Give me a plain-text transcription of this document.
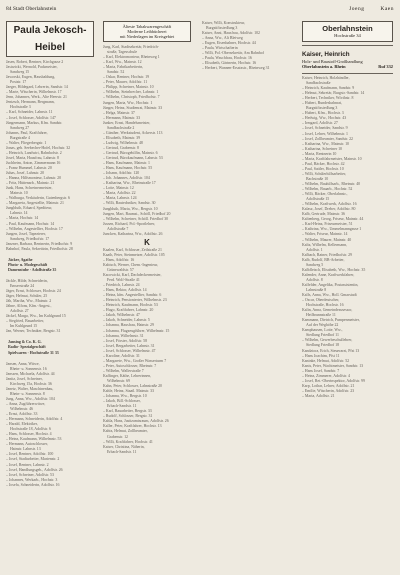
84 Stadt Oberlahnstein	Joeng	Kaen
Paula Jekosch-Heibel
Jasen, Robert, Rentner, Kirchgasse 2
Jastrzicki, Wernold, Packmeister,
Sandweg 15
Jaworski, Eugen, Hausbaldung,
Poststr. 17
Jaeger, Hildegard, Lehrerin, Sandstr. 14
– Marie, Wäscherin, Wilhelmstr. 17
Jenn, Johannes, Werk., Alte Heerstr. 21
Jentzsch, Hermann, Bergmann,
Hochstraße 3
– Karl, Schneider, Lahnstr. 11
– Josef, Schlosser, Adolfstr. 147
Jüngermann, Markus, Kfm. Sandstr.
Sandweg 27
Johanns, Paul, Kraftfahrer,
Burgstraße 4
– Walter, Fliegerbergstr. 1
Jonas, geb. Seebecher-Hofel, Hochstr. 32
– Heinrich, Landwirt, Bahnhofstr. 2
Josef, Maria, Hausfrau, Lahnstr. 8
Juchheim, Anton, Zimmermann 16
– Franz Hummel, Lahnstr. 20
Juhas, Josef, Lahnstr. 20
– Hanna, Hilfsmonteur, Lahnstr. 20
– Fritz, Hüttenarb., Mainstr. 21
Junk, Hans, Schreinermeister,
Mainstr. 10
– Walburga, Verkäuferin, Gutenbergstr. 6
– Margareta, Angestellte, Mainstr. 21
Jungbluth, Eduard, Spediteur,
Lahnstr. 14
– Maria, Hochstr. 14
– Paul, Kaufmann, Hochstr. 14
– Wilhelm, Angestellter, Hochstr. 17
Jungen, Josef, Tapezierer,
Sandweg, Friedhofstr. 17
Janzner, Barbara, Rentnerin, Friedhofstr. 9
Bahnhof, Paula, Sekretärin, Friedhofstr. 28
Jäcker, Agathe
Photo- u. Modegeschäft
Damenstube · Adolfstraße 35
Jäckle, Hilde, Schneiderin,
Emserstraße 24
Jäger, Ernst, Schlosser, Hochstr. 24
Jäger, Helmut, Schüler, 25
Jäh, Martha, Ww., Mainstr. 2
Jähne, Alfons, Kfm.-Angest.,
Adolfstr. 27
Jäckel, Marga, Ww., Im Kuhlgrund 15
– Siegfried, Bauarbeiter,
Im Kuhlgrund 15
Jan, Werner, Techniker, Bergstr. 31
Jansing & Co. K. G.
Radio- Spezialgeschäft
Spielwaren · Hochstraße 31 33
Jansen, Anna, Witwe,
Rhein- u. Sonnenstr. 16
Janssen, Michaela, Adolfstr. 44
Janitz, Josef, Schreiner,
Kirchweg 15a, Hochstr. 36
Janetz, Walter, Maschinenbau,
Rhein- u. Sonnenstr. 8
Jung, Anna, Ww., Adolfstr. 104
– Anna, Zugführerwitwe,
Wilhelmstr. 46
– Ernst, Adolfstr. 33
– Hermann, Schneiderin, Adolfstr. 4
– Harald, Elektriker,
Hochstraße 18, Adolfstr. 6
– Hans, Schlosser, Hochstr. 4
– Heinz, Kaufmann, Wilhelmstr. 53
– Hermann, Autoschlosser,
Hainstr. Lahnstr. 13
– Josef, Rentner, Adolfstr. 100
– Josef, Stadtarbeiter, Marienstr. 2
– Josef, Rentner, Lahnstr. 2
– Josef, Handlungsgeh., Adolfstr. 26
– Josef, Schreiner, Adolfstr. 53
– Johannes, Werkarb., Hochstr. 3
– Josefa, Schneiderin, Adolfstr. 16
Älteste Tabakwarengeschäft
Moderne Leihbücherei
mit Niederlagen im Kreisgebiet
Jung, Karl, Stadtsekretär, Friedrich-
straße, Tagesschule
– Karl, Elektromonteur, Rheinweg 1
– Karl, Ww., Mainstr. 12
– Maria, Fabrikarbeiterin,
Sandstr. 52
– Oskar, Rentner, Hochstr. 19
– Peter, Maurer, Adolfstr. 11
– Philipp, Schreiner, Mainstr. 10
– Wilhelm, Steinbrecher, Lahnstr. 1
– Wilhelm, Christoph, Friedhofstr. 7
Jungen, Maria, Ww., Hochstr. 1
Jünger, Heinz, Studienrat, Mainstr. 33
– Helga, Mainstr. 37
– Hermann, Mainstr. 33
Junker, Ernst, Handelsmeister,
Sandbachstraße 2
– Günther, Werkstudent, Ackerstr. 113
– Elisabeth, Mainstr. 39
– Ludwig, Wilhelmstr. 48
– Gertrud, Grabenstr. 8
– Gertrud, Bürogehilfin, Mainstr. 6
– Gertrud, Bürokaufmann, Lahnstr. 53
– Hans, Kaufmann, Mainstr. 1
– Hans, Kaufmann, Hochstr. 55
– Johann, Adolfstr. 120
– Joh. Johannes, Adolfstr. 104
– Katharina, Ww., Rheinstraße 17
– Lotte, Mainstr. 12
– Maria, Adolfstr. 22
– Maria, Lahnstr. 124
– Willi, Bautechniker, Sandstr. 30
Jungbluth, Maria, Ww., Bergstr. 10
Jungen, Mart, Baumst., Schöll, Friedhof 20
– Wilhelm, Schreiner, Schöll. Friedhof 30
Jussen, Richard, Pol.-Sportlehrer,
Adolfstraße 7
Juncken, Katharina, Ww., Adolfstr. 26
K
Kaalen, Karl, Schlosser, Zeilstraße 21
Kaath, Peter, Steinmetzer, Adolfstr. 105
– Hans, Adolfstr. 16
Kabisch, Werner, Chem.-Ingenieur,
Grünewaldstr. 57
Kacowicki, Karl, Dachdeckermeister,
Ferd. Wolf-Straße 41
– Friedrich, Lahnstr. 24
– Hans, Rektor, Adolfstr. 14
– Heinz, kfm. Angestellter, Sandstr. 6
– Heinrich, Pensionierter, Wilhelmstr. 23
– Heinrich, Kaufmann, Hochstr. 53
– Hugo, Kraftfahrer, Lahnstr. 20
– Jakob, Wilhelmstr. 47
– Jakob, Schneider, Lahnstr. 5
– Johanna, Hausfrau, Hainstr. 29
– Johanna, Flugzeugführer, Wilhelmstr. 15
– Johanna, Wilhelmstr. 31
– Josef, Förster, Adolfstr. 58
– Josef, Bergarbeiter, Lahnstr. 31
– Josef, Schlosser, Wilhelmstr. 47
– Karoline, Adolfstr. 31
– Margarete, Ww., Großer Wasserturm 7
– Peter, Autoschlosser, Rheinstr. 7
– Wilhelm, Wallerstraße 7
Kaffinger, Käthe, Lehrerinnen,
Wilhelmstr. 69
Kahn, Peter, Schlosser, Lahnstraße 20
Kahle, Heinz, Staatl. Mainstr. 33
– Johanna, Ww., Bergstr. 10
– Jakob, Bill.-Schlosser,
Erbach-Sandstr. 11
– Karl, Bauarbeiter, Bergstr. 33
– Rudolf, Schlosser, Bergstr. 31
Kahla, Hans, Justizamtsraum, Adolfstr. 26
Kaller, Peter, Kraftfahrer, Hochstr. 13
Kahtz, Helmut, Zollbeamter,
Grabenstr. 12
– Willi, Kraftfahrer, Hochstr. 41
Kaiser, Christina, Näherin,
Erbach-Sandstr. 11
Kaiser, Willi, Konstrukteur,
Burgstiftssiedlung 3
Kaiser, Anni, Hausfrau, Adolfstr. 102
– Anna, Ww., Alt Bleiweg
– Eugen, Eisenbahner, Hochstr. 44
– Paula, Wirtschafterin
– Willi, Pol.-Obersekretär, Am Bahnhof
– Paula, Waschfrau, Hochstr. 16
– Elisabeth, Gärtnerin, Hochstr. 16
– Herbert, Wannen-Ersatzstr., Rheinweg 31
Oberlahnstein
Hochstraße 34
Kaiser, Heinrich
Holz- und Baustoff-Großhandlung
Oberlahnstein a. Rhein	Ruf 332
Kaiser, Heinrich, Holzhändler,
Sandbachstraße
– Heinrich, Kaufmann, Sandstr. 9
– Helmut, Sekretär, Burgstr.-Sandstr. 14
– Herbert, Techniker, Wörthstr. 8
– Hubert, Bundesbahnrat,
Burgstiftssiedlung 3
– Hubert, Kfm., Hochstr. 3
– Hedwig, Ww., Hochstr. 43
– Irmgard, Adolfstr. 27
– Josef, Schneider, Sandstr. 9
– Josef, Lehrer, Wilhelmstr. 1
– Josef, Zollbeamter, Sandstr. 22
– Katharina, Ww., Mainstr. 10
– Katharina, Schreiner 10
– Maria, Rentnerin 10
– Maria, Kraftfahrmeister, Mainstr. 10
– Paul, Bäcker, Hochstr. 42
– Paul, Sattler, Hochstr. 10
– Willi, Schülerhilfsarbeiter,
Bachstraße 10
– Wilhelm, Bauhilfsarb., Rheinstr. 40
– Wilhelm, Bauarb., Hochstr. 52
– Willi, Bäcker, Oberlahnstr.,
Adolfstraße 15
– Wilhelm, Kraftwerk, Adolfstr. 16
Kalasz, Josef, Dreher, Adolfstr. 80
Kalb, Gertrude, Mainstr. 36
Kaltenberg, Georg, Friseur, Mainstr. 44
– Karl-Heinz, Friseurmeister, 51
– Kathrina, Ww., Ummelmanngasse 1
– Walter, Friseur, Mainstr. 14
– Wilhelm, Maurer, Mainstr. 40
Kaltz, Wilhelm, Kellermann,
Adolfstr. 1
Kalbach, Rainer, Friedhofstr. 29
Kalb, Rudolf, BB-Arbeiter,
Sandweg 5
Kalbfleisch, Elisabeth, Ww., Hochstr. 35
Kalender, Anne, Kraftwerkfahrer,
Adolfstr. 8
Kalfelder, Angelika, Postassistentin,
Lahnstraße 8
Kalfs, Anna, Ww., Holl. Gmarstadt
– Oscar, Oberdeutscher,
Hochstraße, Hochstr. 16
Kalin, Anna, Gemeindeassessor,
Heilbrunnstraße 11
Kammann, Dietrich, Pumpenmeister,
Auf der Weghöhe 22
Kamphausen, Lotte, Ww.,
Siedlung Friedhof 11
– Wilhelm, Gewerbeschullehrer,
Siedlung Friedhof 18
Kandziora, Erich, Steuerarzt, Pfst 13
– Hans Joachim, Pfst 11
Kaninke, Helmut, Adolfstr. 52
Kanis, Peter, Wachtmeister, Sandstr. 13
– Hans Josef, Sandstr. 7
– Heinz, Zimmerer, Adolfstr. 4
– Josef, Ret.-Oberinspektor, Adolfstr. 99
Karp, Lothar, Lehrer, Adolfstr. 21
– Emilie, Wäscherin, Adolfstr. 23
– Maria, Adolfstr. 21
